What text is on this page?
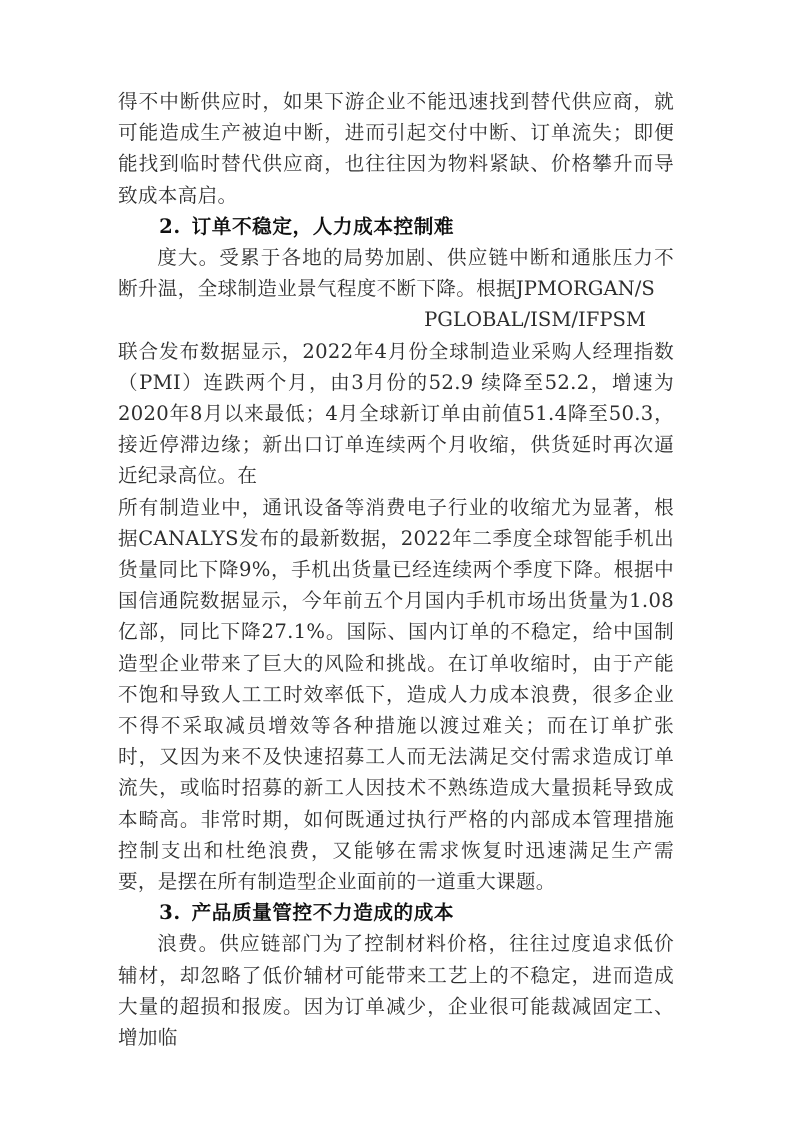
得不中断供应时，如果下游企业不能迅速找到替代供应商，就可能造成生产被迫中断，进而引起交付中断、订单流失；即便能找到临时替代供应商，也往往因为物料紧缺、价格攀升而导致成本高启。

2. 订单不稳定，人力成本控制难

度大。受累于各地的局势加剧、供应链中断和通胀压力不断升温，全球制造业景气程度不断下降。根据JPMORGAN/S

PGLOBAL/ISM/IFPSM

联合发布数据显示，2022年4月份全球制造业采购人经理指数（PMI）连跌两个月，由3月份的52.9 续降至52.2，增速为2020年8月以来最低；4月全球新订单由前值51.4降至50.3， 接近停滞边缘；新出口订单连续两个月收缩，供货延时再次逼近纪录高位。在

所有制造业中，通讯设备等消费电子行业的收缩尤为显著，根据CANALYS发布的最新数据，2022年二季度全球智能手机出货量同比下降9%，手机出货量已经连续两个季度下降。根据中国信通院数据显示，今年前五个月国内手机市场出货量为1.08亿部，同比下降27.1%。国际、国内订单的不稳定，给中国制造型企业带来了巨大的风险和挑战。在订单收缩时，由于产能不饱和导致人工工时效率低下，造成人力成本浪费，很多企业不得不采取减员增效等各种措施以渡过难关；而在订单扩张时，又因为来不及快速招募工人而无法满足交付需求造成订单流失，或临时招募的新工人因技术不熟练造成大量损耗导致成本畸高。非常时期，如何既通过执行严格的内部成本管理措施控制支出和杜绝浪费，又能够在需求恢复时迅速满足生产需要，是摆在所有制造型企业面前的一道重大课题。

3. 产品质量管控不力造成的成本

浪费。供应链部门为了控制材料价格，往往过度追求低价辅材，却忽略了低价辅材可能带来工艺上的不稳定，进而造成大量的超损和报废。因为订单减少，企业很可能裁减固定工、增加临
